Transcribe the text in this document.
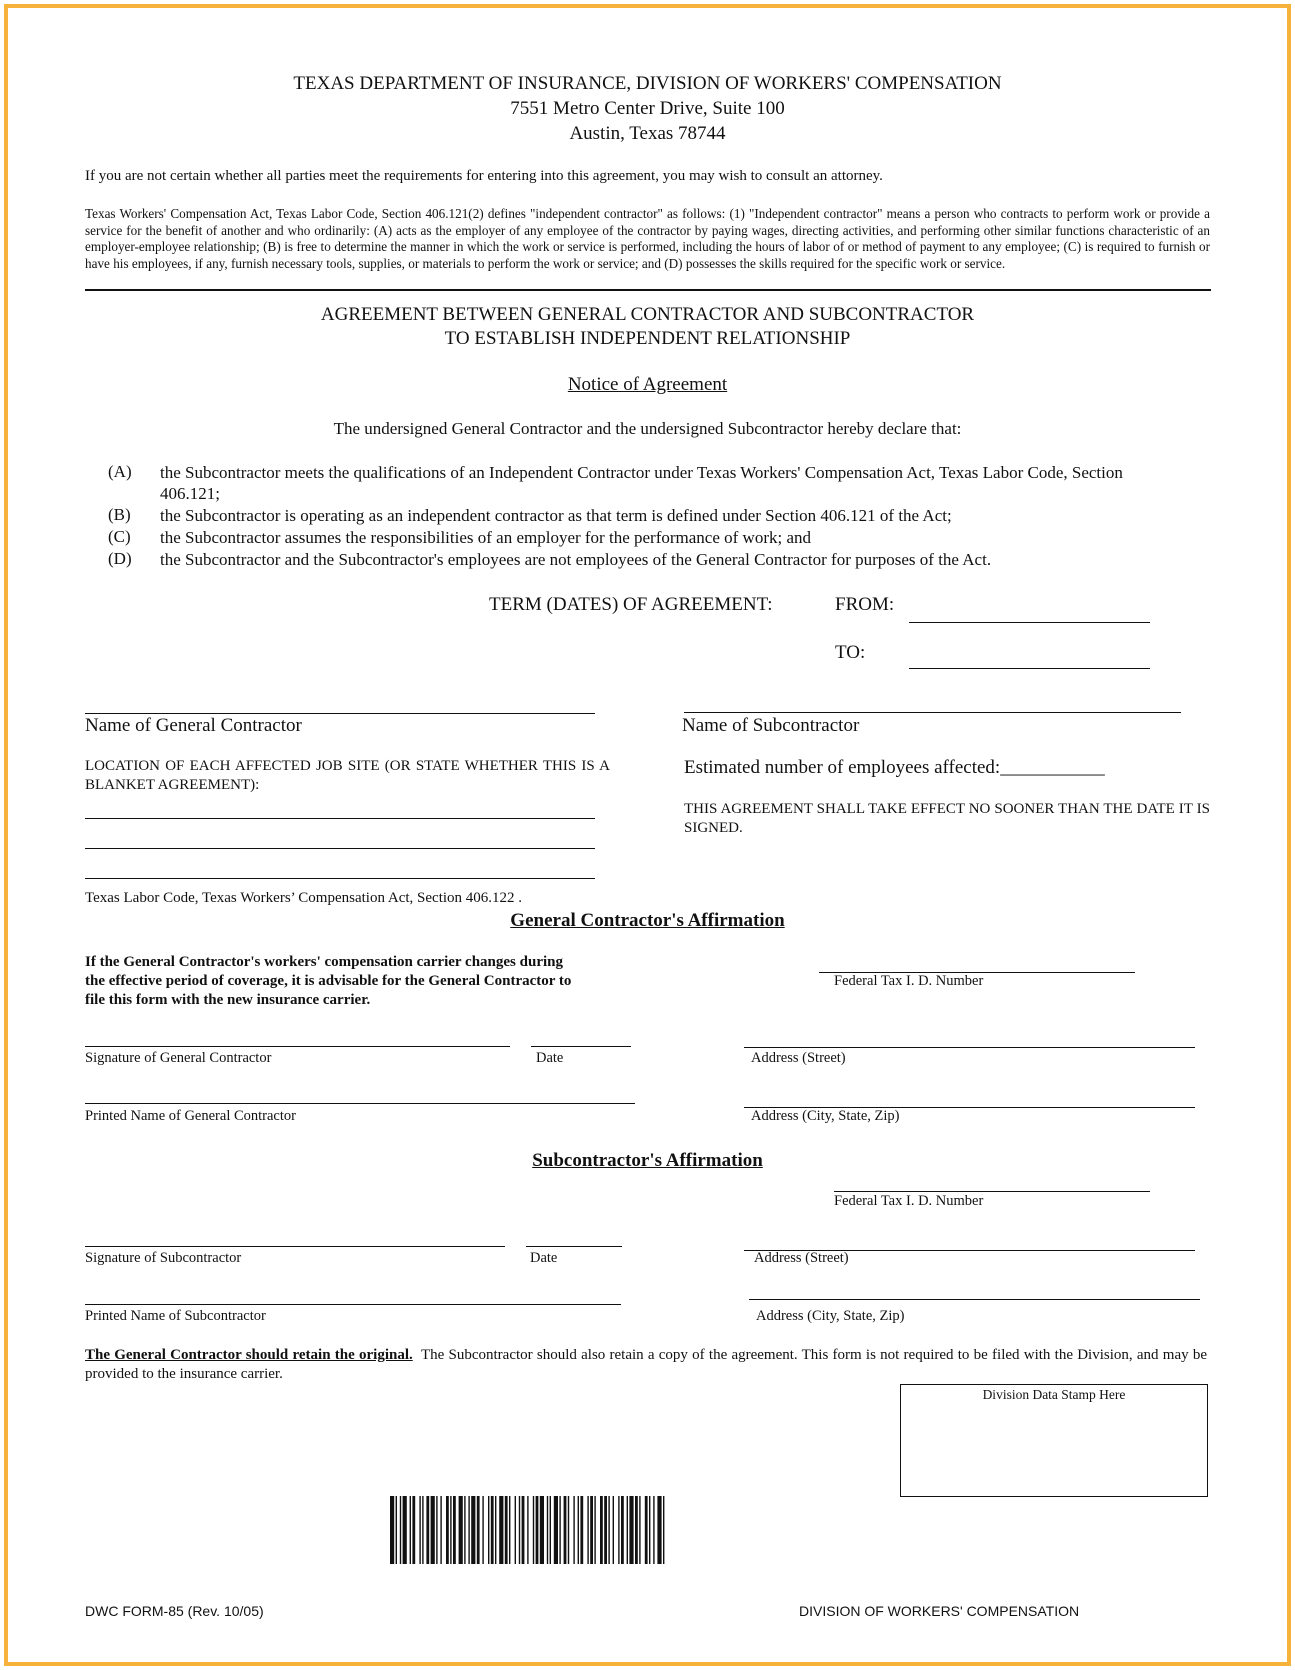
TEXAS DEPARTMENT OF INSURANCE, DIVISION OF WORKERS' COMPENSATION

7551 Metro Center Drive, Suite 100

Austin, Texas 78744

If you are not certain whether all parties meet the requirements for entering into this agreement, you may wish to consult an attorney.

Texas Workers' Compensation Act, Texas Labor Code, Section 406.121(2) defines "independent contractor" as follows: (1) "Independent contractor" means a person who contracts to perform work or provide a service for the benefit of another and who ordinarily: (A) acts as the employer of any employee of the contractor by paying wages, directing activities, and performing other similar functions characteristic of an employer-employee relationship; (B) is free to determine the manner in which the work or service is performed, including the hours of labor of or method of payment to any employee; (C) is required to furnish or have his employees, if any, furnish necessary tools, supplies, or materials to perform the work or service; and (D) possesses the skills required for the specific work or service.

AGREEMENT BETWEEN GENERAL CONTRACTOR AND SUBCONTRACTOR

TO ESTABLISH INDEPENDENT RELATIONSHIP

Notice of Agreement

The undersigned General Contractor and the undersigned Subcontractor hereby declare that:

(A)	the Subcontractor meets the qualifications of an Independent Contractor under Texas Workers' Compensation Act, Texas Labor Code, Section 406.121;
(B)	the Subcontractor is operating as an independent contractor as that term is defined under Section 406.121 of the Act;
(C)	the Subcontractor assumes the responsibilities of an employer for the performance of work; and
(D)	the Subcontractor and the Subcontractor's employees are not employees of the General Contractor for purposes of the Act.

TERM (DATES) OF AGREEMENT:	FROM:

TO:

Name of General Contractor	Name of Subcontractor

LOCATION OF EACH AFFECTED JOB SITE (OR STATE WHETHER THIS IS A BLANKET AGREEMENT):

Estimated number of employees affected:___________

THIS AGREEMENT SHALL TAKE EFFECT NO SOONER THAN THE DATE IT IS SIGNED.

Texas Labor Code, Texas Workers’ Compensation Act, Section 406.122 .

General Contractor's Affirmation

If the General Contractor's workers' compensation carrier changes during the effective period of coverage, it is advisable for the General Contractor to file this form with the new insurance carrier.

Federal Tax I. D. Number

Signature of General Contractor	Date	Address (Street)

Printed Name of General Contractor	Address (City, State, Zip)

Subcontractor's Affirmation

Federal Tax I. D. Number

Signature of Subcontractor	Date	Address (Street)

Printed Name of Subcontractor	Address (City, State, Zip)

The General Contractor should retain the original. The Subcontractor should also retain a copy of the agreement. This form is not required to be filed with the Division, and may be provided to the insurance carrier.

Division Data Stamp Here

DWC FORM-85 (Rev. 10/05)	DIVISION OF WORKERS' COMPENSATION
